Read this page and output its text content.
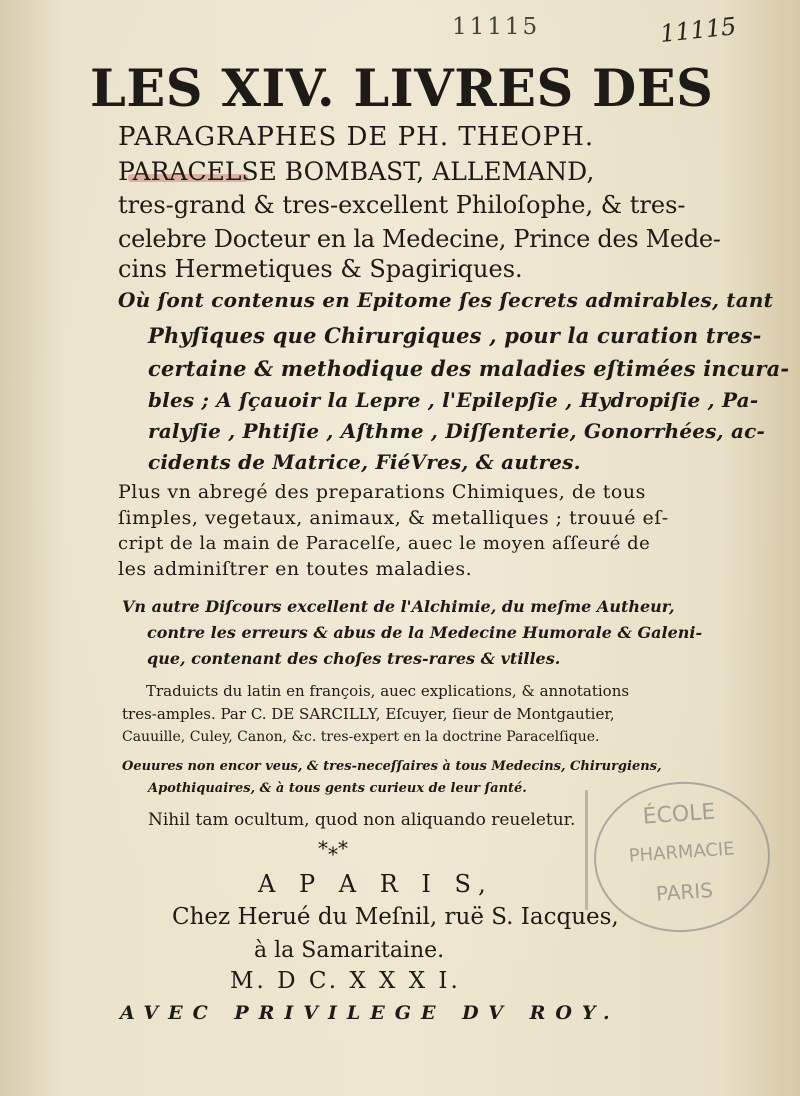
11115	11115
LES XIV. LIVRES DES
PARAGRAPHES DE PH. THEOPH.
PARACELSE BOMBAST, ALLEMAND,
tres-grand & tres-excellent Philoſophe, & tres-
celebre Docteur en la Medecine, Prince des Mede-
cins Hermetiques & Spagiriques.
Où ſont contenus en Epitome ſes ſecrets admirables, tant
Phyſiques que Chirurgiques , pour la curation tres-
certaine & methodique des maladies eſtimées incura-
bles ; A ſçauoir la Lepre , l'Epilepſie , Hydropiſie , Pa-
ralyſie , Phtiſie , Aſthme , Diſſenterie, Gonorrhées, ac-
cidents de Matrice, FiéVres, & autres.
Plus vn abregé des preparations Chimiques, de tous
ſimples, vegetaux, animaux, & metalliques ; trouué eſ-
cript de la main de Paracelſe, auec le moyen aſſeuré de
les adminiſtrer en toutes maladies.
Vn autre Diſcours excellent de l'Alchimie, du meſme Autheur,
contre les erreurs & abus de la Medecine Humorale & Galeni-
que, contenant des choſes tres-rares & vtilles.
Traduicts du latin en françois, auec explications, & annotations
tres-amples. Par C. DE SARCILLY, Eſcuyer, ſieur de Montgautier,
Cauuille, Culey, Canon, &c. tres-expert en la doctrine Paracelſique.
Oeuures non encor veus, & tres-neceſſaires à tous Medecins, Chirurgiens,
Apothiquaires, & à tous gents curieux de leur ſanté.
Nihil tam ocultum, quod non aliquando reueletur.
*⁎*
A P A R I S,
Chez Herué du Meſnil, ruë S. Iacques,
à la Samaritaine.
M. D C. X X X I.
AVEC PRIVILEGE DV ROY.
ÉCOLE
PHARMACIE
PARIS
